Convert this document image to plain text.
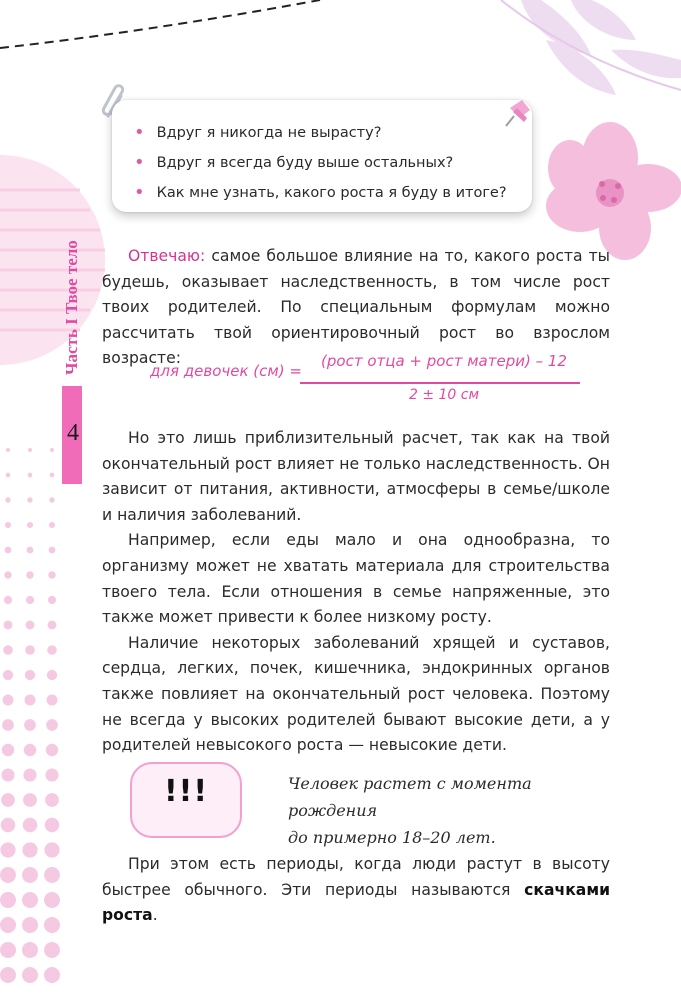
Часть I Твое тело
4
• Вдруг я никогда не вырасту?
• Вдруг я всегда буду выше остальных?
• Как мне узнать, какого роста я буду в итоге?

Отвечаю: самое большое влияние на то, какого роста ты будешь, оказывает наследственность, в том числе рост твоих родителей. По специальным формулам можно рассчитать твой ориентировочный рост во взрослом возрасте:

для девочек (см) =
(рост отца + рост матери) – 12
2 ± 10 см

Но это лишь приблизительный расчет, так как на твой окончательный рост влияет не только наследственность. Он зависит от питания, активности, атмосферы в семье/школе и наличия заболеваний.

Например, если еды мало и она однообразна, то организму может не хватать материала для строительства твоего тела. Если отношения в семье напряженные, это также может привести к более низкому росту.

Наличие некоторых заболеваний хрящей и суставов, сердца, легких, почек, кишечника, эндокринных органов также повлияет на окончательный рост человека. Поэтому не всегда у высоких родителей бывают высокие дети, а у родителей невысокого роста — невысокие дети.

!!!	Человек растет с момента рождения
до примерно 18–20 лет.

При этом есть периоды, когда люди растут в высоту быстрее обычного. Эти периоды называются скачками роста.
